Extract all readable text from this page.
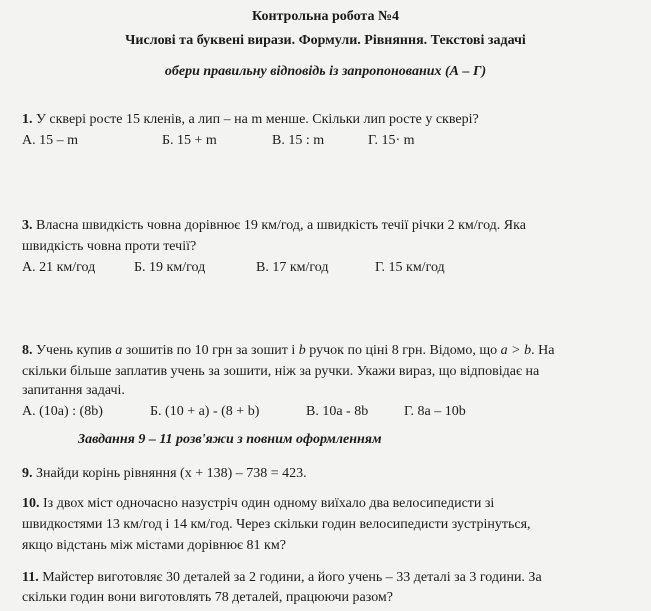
Контрольна робота №4
Числові та буквені вирази. Формули. Рівняння. Текстові задачі
обери правильну відповідь із запропонованих (А – Г)
1. У сквері росте 15 кленів, а лип – на m менше. Скільки лип росте у сквері?
А. 15 – m	Б. 15 + m	В. 15 : m	Г. 15· m
3. Власна швидкість човна дорівнює 19 км/год, а швидкість течії річки 2 км/год. Яка
швидкість човна проти течії?
А. 21 км/год	Б. 19 км/год	В. 17 км/год	Г. 15 км/год
8. Учень купив a зошитів по 10 грн за зошит і b ручок по ціні 8 грн. Відомо, що a > b. На
скільки більше заплатив учень за зошити, ніж за ручки. Укажи вираз, що відповідає на
запитання задачі.
А. (10a) : (8b)	Б. (10 + a) - (8 + b)	В. 10a - 8b	Г. 8a – 10b
Завдання 9 – 11 розв'яжи з повним оформленням
9. Знайди корінь рівняння (x + 138) – 738 = 423.
10. Із двох міст одночасно назустріч один одному виїхало два велосипедисти зі
швидкостями 13 км/год і 14 км/год. Через скільки годин велосипедисти зустрінуться,
якщо відстань між містами дорівнює 81 км?
11. Майстер виготовляє 30 деталей за 2 години, а його учень – 33 деталі за 3 години. За
скільки годин вони виготовлять 78 деталей, працюючи разом?
